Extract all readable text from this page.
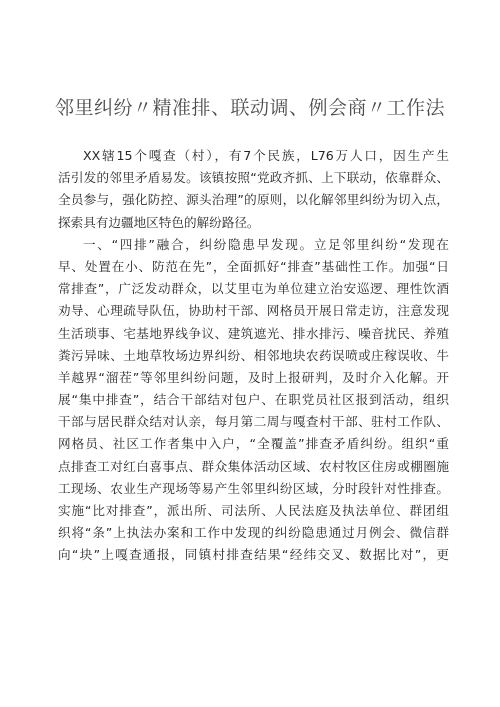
邻里纠纷〃精准排、联动调、例会商〃工作法
XX辖15个嘎查（村），有7个民族，L76万人口，因生产生
活引发的邻里矛盾易发。该镇按照“党政齐抓、上下联动，依靠群众、
全员参与，强化防控、源头治理”的原则，以化解邻里纠纷为切入点，
探索具有边疆地区特色的解纷路径。
一、“四排”融合，纠纷隐患早发现。立足邻里纠纷“发现在
早、处置在小、防范在先”，全面抓好“排查”基础性工作。加强“日
常排查”，广泛发动群众，以艾里屯为单位建立治安巡逻、理性饮酒
劝导、心理疏导队伍，协助村干部、网格员开展日常走访，注意发现
生活琐事、宅基地界线争议、建筑遮光、排水排污、噪音扰民、养殖
粪污异味、土地草牧场边界纠纷、相邻地块农药误喷或庄稼误收、牛
羊越界“溜茬”等邻里纠纷问题，及时上报研判，及时介入化解。开
展“集中排查”，结合干部结对包户、在职党员社区报到活动，组织
干部与居民群众结对认亲，每月第二周与嘎查村干部、驻村工作队、
网格员、社区工作者集中入户，“全覆盖”排查矛盾纠纷。组织“重
点排查工对红白喜事点、群众集体活动区域、农村牧区住房或棚圈施
工现场、农业生产现场等易产生邻里纠纷区域，分时段针对性排查。
实施“比对排查”，派出所、司法所、人民法庭及执法单位、群团组
织将“条”上执法办案和工作中发现的纠纷隐患通过月例会、微信群
向“块”上嘎查通报，同镇村排查结果“经纬交叉、数据比对”，更
